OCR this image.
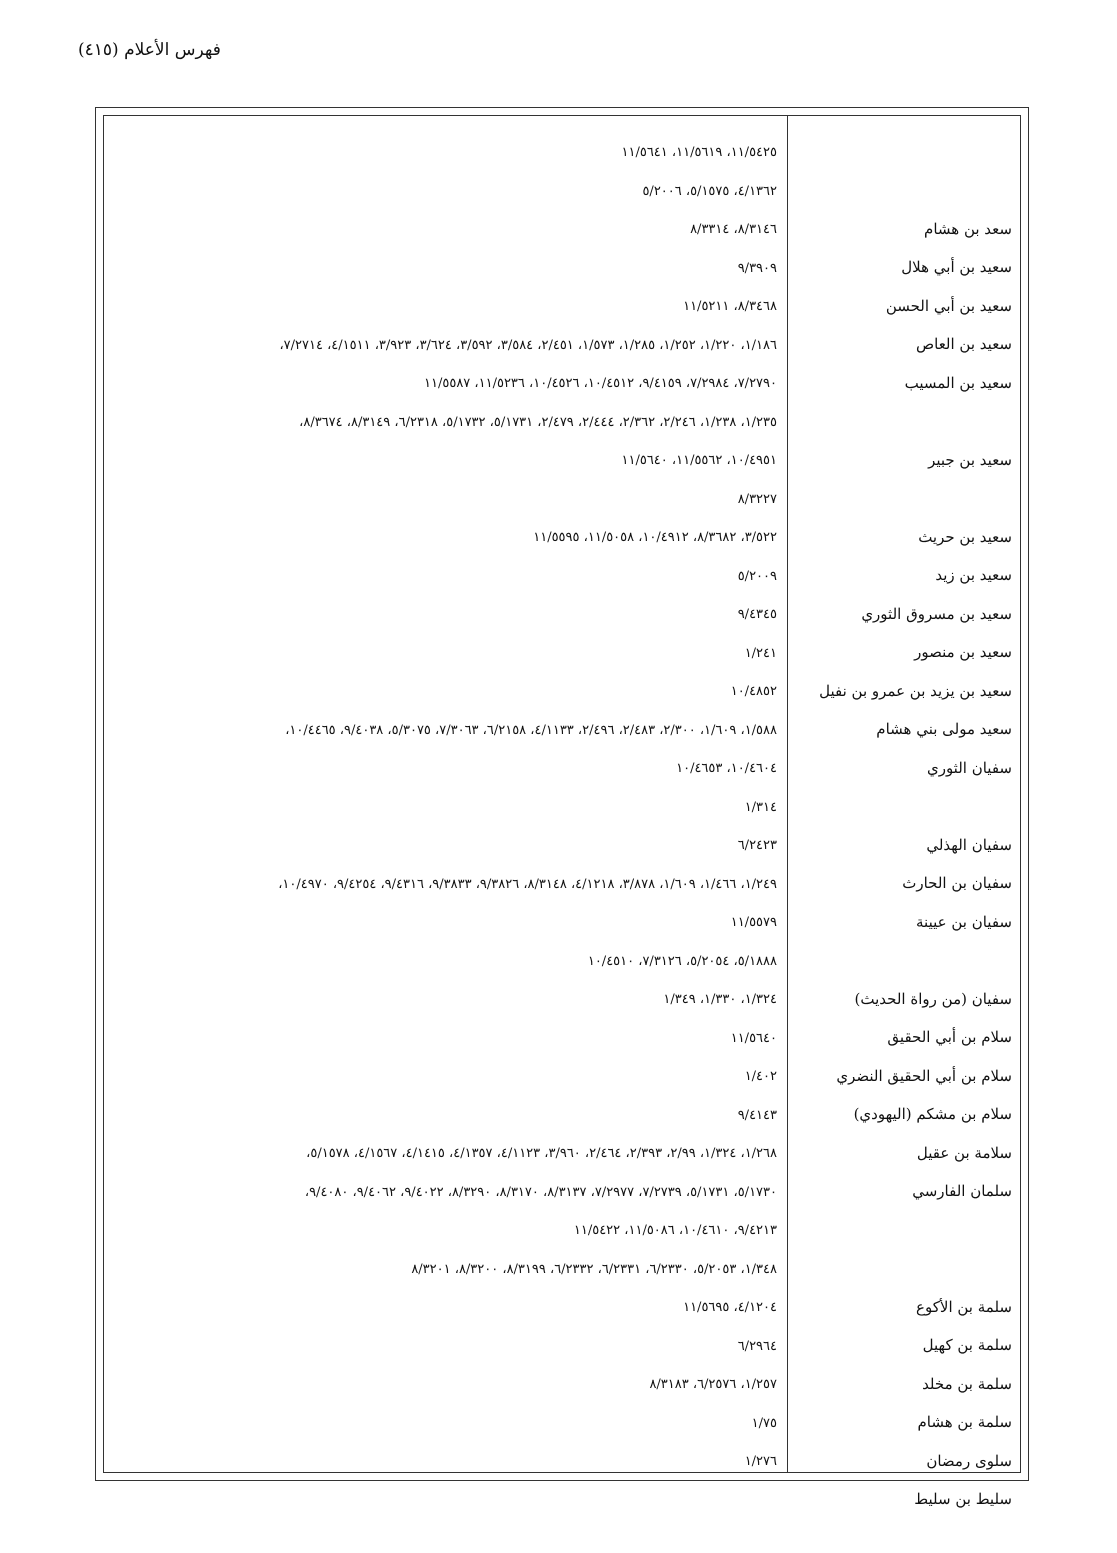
فهرس الأعلام (٤١٥)
١١/٥٤٢٥، ١١/٥٦١٩، ١١/٥٦٤١
سعد بن هشام
٤/١٣٦٢، ٥/١٥٧٥، ٥/٢٠٠٦
سعيد بن أبي هلال
٨/٣١٤٦، ٨/٣٣١٤
سعيد بن أبي الحسن
٩/٣٩٠٩
سعيد بن العاص
٨/٣٤٦٨، ١١/٥٢١١
سعيد بن المسيب
١/١٨٦، ١/٢٢٠، ١/٢٥٢، ١/٢٨٥، ١/٥٧٣، ٢/٤٥١، ٣/٥٨٤، ٣/٥٩٢، ٣/٦٢٤، ٣/٩٢٣، ٤/١٥١١، ٧/٢٧١٤،
٧/٢٧٩٠، ٧/٢٩٨٤، ٩/٤١٥٩، ١٠/٤٥١٢، ١٠/٤٥٢٦، ١١/٥٢٣٦، ١١/٥٥٨٧
سعيد بن جبير
١/٢٣٥، ١/٢٣٨، ٢/٢٤٦، ٢/٣٦٢، ٢/٤٤٤، ٢/٤٧٩، ٥/١٧٣١، ٥/١٧٣٢، ٦/٢٣١٨، ٨/٣١٤٩، ٨/٣٦٧٤،
١٠/٤٩٥١، ١١/٥٥٦٢، ١١/٥٦٤٠
سعيد بن حريث
٨/٣٢٢٧
سعيد بن زيد
٣/٥٢٢، ٨/٣٦٨٢، ١٠/٤٩١٢، ١١/٥٠٥٨، ١١/٥٥٩٥
سعيد بن مسروق الثوري
٥/٢٠٠٩
سعيد بن منصور
٩/٤٣٤٥
سعيد بن يزيد بن عمرو بن نفيل
١/٢٤١
سعيد مولى بني هشام
١٠/٤٨٥٢
سفيان الثوري
١/٥٨٨، ١/٦٠٩، ٢/٣٠٠، ٢/٤٨٣، ٢/٤٩٦، ٤/١١٣٣، ٦/٢١٥٨، ٧/٣٠٦٣، ٥/٣٠٧٥، ٩/٤٠٣٨، ١٠/٤٤٦٥،
١٠/٤٦٠٤، ١٠/٤٦٥٣
سفيان الهذلي
١/٣١٤
سفيان بن الحارث
٦/٢٤٢٣
سفيان بن عيينة
١/٢٤٩، ١/٤٦٦، ١/٦٠٩، ٣/٨٧٨، ٤/١٢١٨، ٨/٣١٤٨، ٩/٣٨٢٦، ٩/٣٨٣٣، ٩/٤٣١٦، ٩/٤٢٥٤، ١٠/٤٩٧٠،
١١/٥٥٧٩
سفيان (من رواة الحديث)
٥/١٨٨٨، ٥/٢٠٥٤، ٧/٣١٢٦، ١٠/٤٥١٠
سلام بن أبي الحقيق
١/٣٢٤، ١/٣٣٠، ١/٣٤٩
سلام بن أبي الحقيق النضري
١١/٥٦٤٠
سلام بن مشكم (اليهودي)
١/٤٠٢
سلامة بن عقيل
٩/٤١٤٣
سلمان الفارسي
١/٢٦٨، ١/٣٢٤، ٢/٩٩، ٢/٣٩٣، ٢/٤٦٤، ٣/٩٦٠، ٤/١١٢٣، ٤/١٣٥٧، ٤/١٤١٥، ٤/١٥٦٧، ٥/١٥٧٨،
٥/١٧٣٠، ٥/١٧٣١، ٧/٢٧٣٩، ٧/٢٩٧٧، ٨/٣١٣٧، ٨/٣١٧٠، ٨/٣٢٩٠، ٩/٤٠٢٢، ٩/٤٠٦٢، ٩/٤٠٨٠،
٩/٤٢١٣، ١٠/٤٦١٠، ١١/٥٠٨٦، ١١/٥٤٢٢
سلمة بن الأكوع
١/٣٤٨، ٥/٢٠٥٣، ٦/٢٣٣٠، ٦/٢٣٣١، ٦/٢٣٣٢، ٨/٣١٩٩، ٨/٣٢٠٠، ٨/٣٢٠١
سلمة بن كهيل
٤/١٢٠٤، ١١/٥٦٩٥
سلمة بن مخلد
٦/٢٩٦٤
سلمة بن هشام
١/٢٥٧، ٦/٢٥٧٦، ٨/٣١٨٣
سلوى رمضان
١/٧٥
سليط بن سليط
١/٢٧٦
